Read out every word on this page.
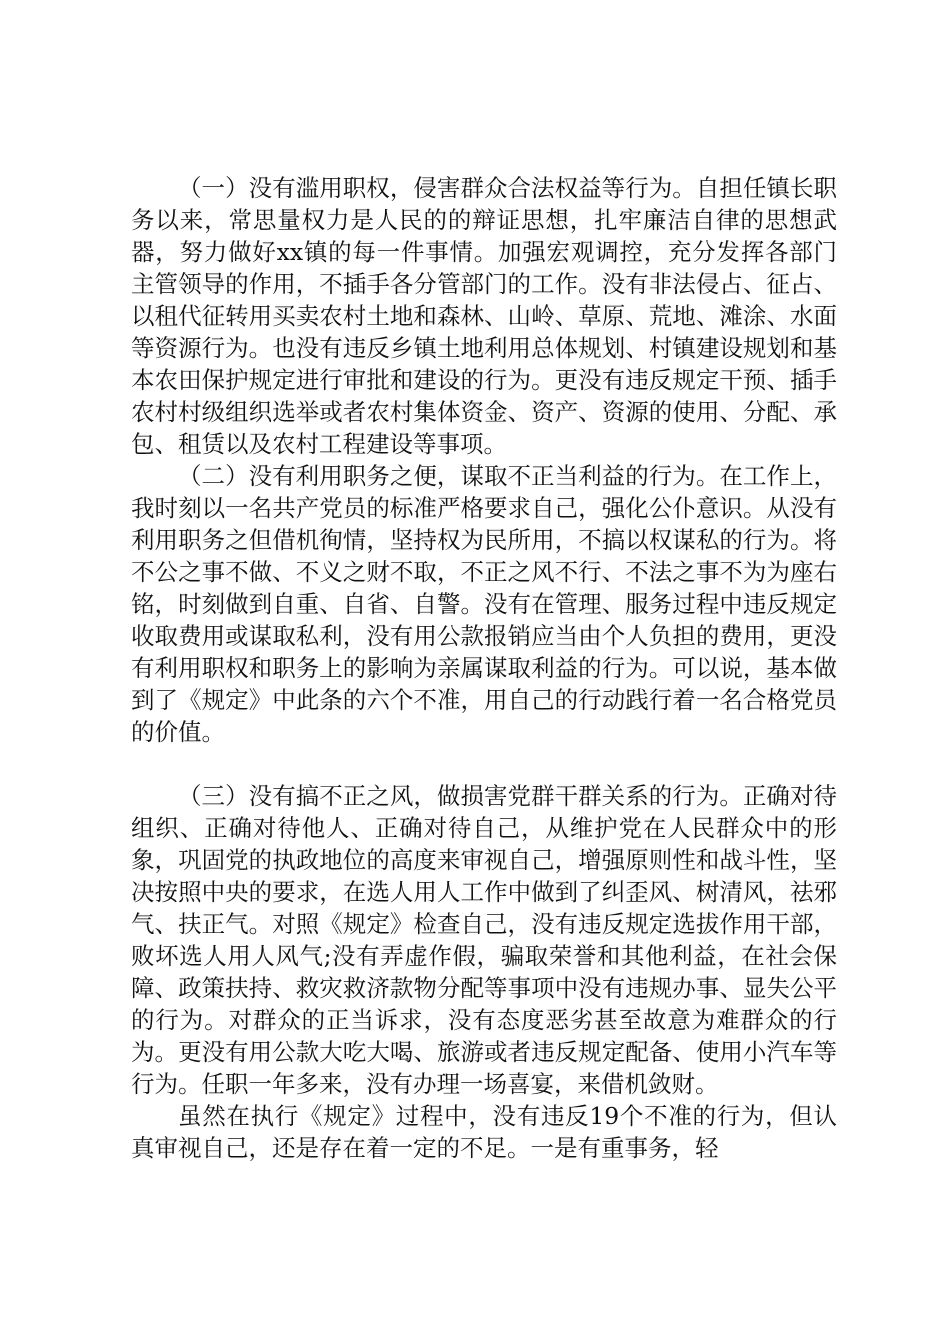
（一）没有滥用职权，侵害群众合法权益等行为。自担任镇长职务以来，常思量权力是人民的的辩证思想，扎牢廉洁自律的思想武器，努力做好xx镇的每一件事情。加强宏观调控，充分发挥各部门主管领导的作用，不插手各分管部门的工作。没有非法侵占、征占、以租代征转用买卖农村土地和森林、山岭、草原、荒地、滩涂、水面等资源行为。也没有违反乡镇土地利用总体规划、村镇建设规划和基本农田保护规定进行审批和建设的行为。更没有违反规定干预、插手农村村级组织选举或者农村集体资金、资产、资源的使用、分配、承包、租赁以及农村工程建设等事项。

（二）没有利用职务之便，谋取不正当利益的行为。在工作上，我时刻以一名共产党员的标准严格要求自己，强化公仆意识。从没有利用职务之但借机徇情，坚持权为民所用，不搞以权谋私的行为。将不公之事不做、不义之财不取，不正之风不行、不法之事不为为座右铭，时刻做到自重、自省、自警。没有在管理、服务过程中违反规定收取费用或谋取私利，没有用公款报销应当由个人负担的费用，更没有利用职权和职务上的影响为亲属谋取利益的行为。可以说，基本做到了《规定》中此条的六个不准，用自己的行动践行着一名合格党员的价值。

（三）没有搞不正之风，做损害党群干群关系的行为。正确对待组织、正确对待他人、正确对待自己，从维护党在人民群众中的形象，巩固党的执政地位的高度来审视自己，增强原则性和战斗性，坚决按照中央的要求，在选人用人工作中做到了纠歪风、树清风，祛邪气、扶正气。对照《规定》检查自己，没有违反规定选拔作用干部，败坏选人用人风气;没有弄虚作假，骗取荣誉和其他利益，在社会保障、政策扶持、救灾救济款物分配等事项中没有违规办事、显失公平的行为。对群众的正当诉求，没有态度恶劣甚至故意为难群众的行为。更没有用公款大吃大喝、旅游或者违反规定配备、使用小汽车等行为。任职一年多来，没有办理一场喜宴，来借机敛财。

虽然在执行《规定》过程中，没有违反19个不准的行为，但认真审视自己，还是存在着一定的不足。一是有重事务，轻
